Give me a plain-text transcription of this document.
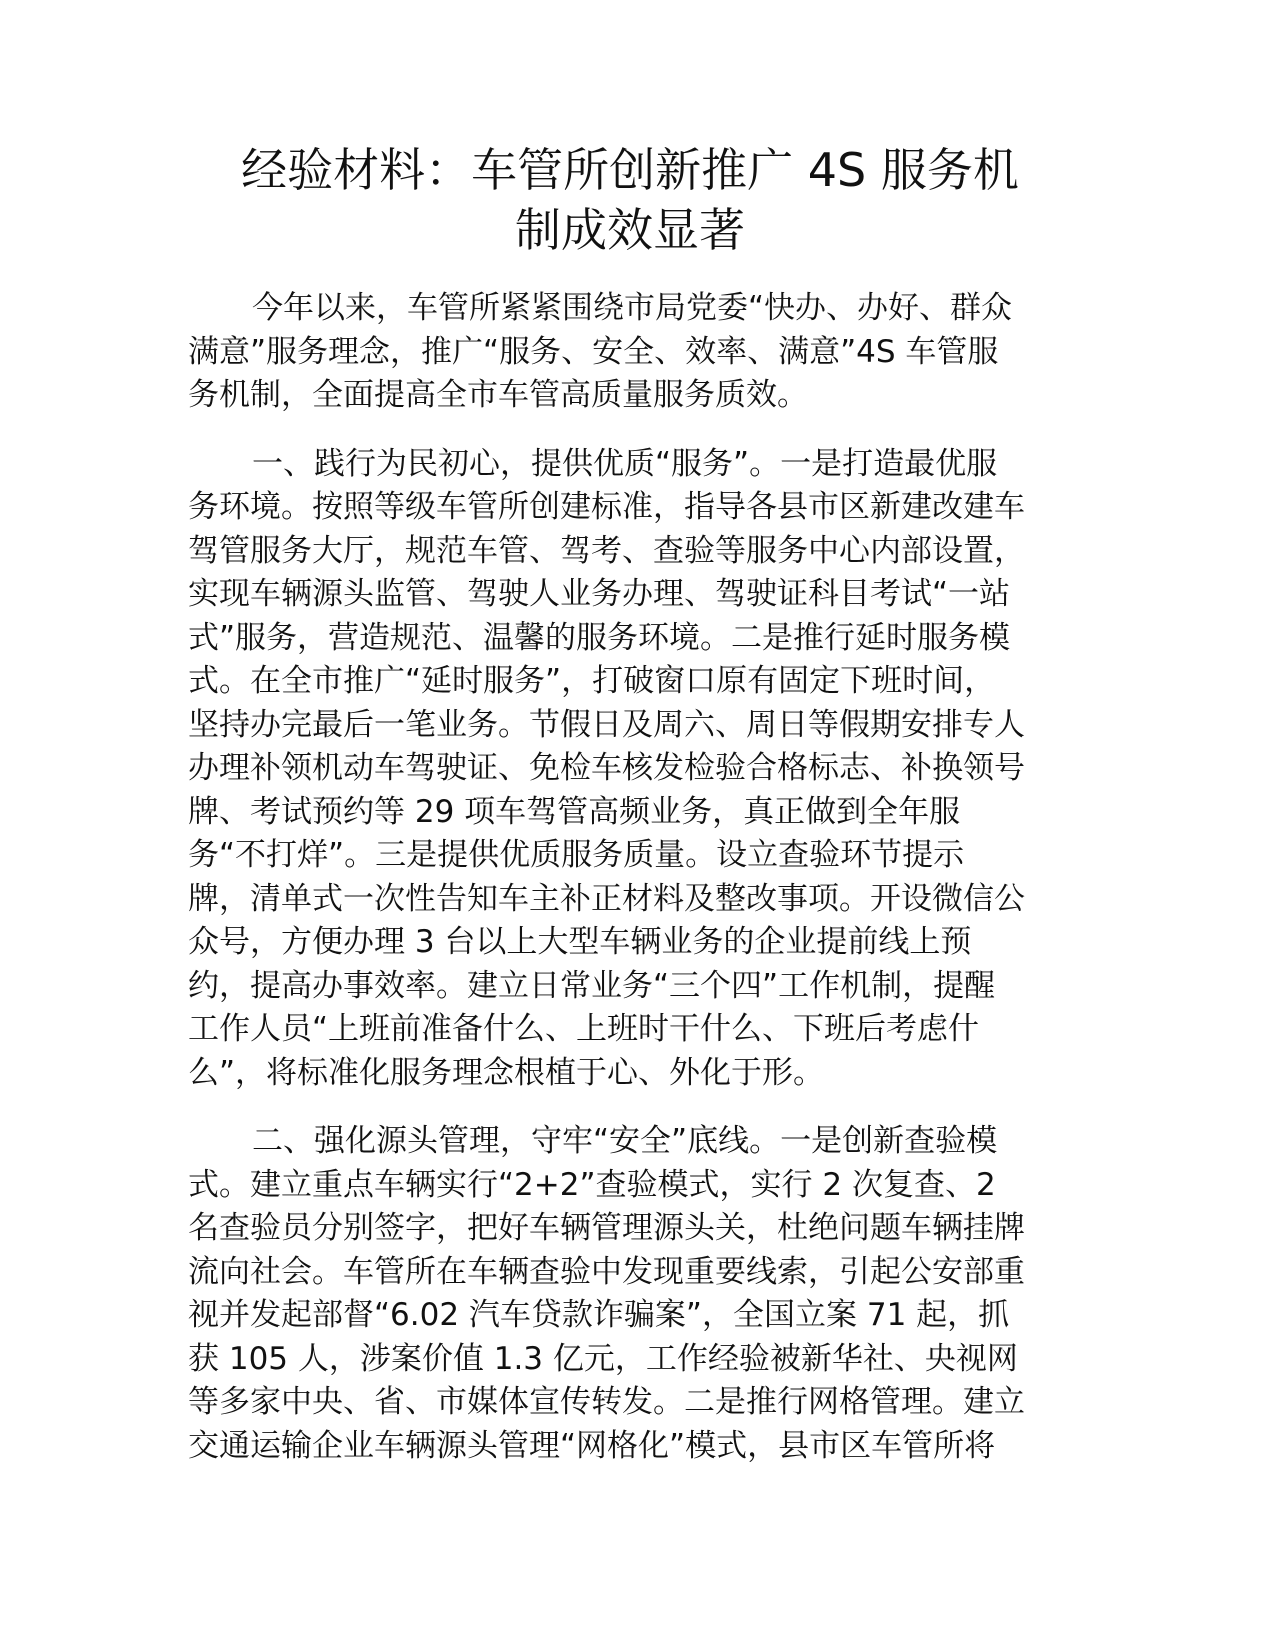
经验材料：车管所创新推广 4S 服务机
制成效显著

今年以来，车管所紧紧围绕市局党委“快办、办好、群众
满意”服务理念，推广“服务、安全、效率、满意”4S 车管服
务机制，全面提高全市车管高质量服务质效。

一、践行为民初心，提供优质“服务”。一是打造最优服
务环境。按照等级车管所创建标准，指导各县市区新建改建车
驾管服务大厅，规范车管、驾考、查验等服务中心内部设置，
实现车辆源头监管、驾驶人业务办理、驾驶证科目考试“一站
式”服务，营造规范、温馨的服务环境。二是推行延时服务模
式。在全市推广“延时服务”，打破窗口原有固定下班时间，
坚持办完最后一笔业务。节假日及周六、周日等假期安排专人
办理补领机动车驾驶证、免检车核发检验合格标志、补换领号
牌、考试预约等 29 项车驾管高频业务，真正做到全年服
务“不打烊”。三是提供优质服务质量。设立查验环节提示
牌，清单式一次性告知车主补正材料及整改事项。开设微信公
众号，方便办理 3 台以上大型车辆业务的企业提前线上预
约，提高办事效率。建立日常业务“三个四”工作机制，提醒
工作人员“上班前准备什么、上班时干什么、下班后考虑什
么”，将标准化服务理念根植于心、外化于形。

二、强化源头管理，守牢“安全”底线。一是创新查验模
式。建立重点车辆实行“2+2”查验模式，实行 2 次复查、2
名查验员分别签字，把好车辆管理源头关，杜绝问题车辆挂牌
流向社会。车管所在车辆查验中发现重要线索，引起公安部重
视并发起部督“6.02 汽车贷款诈骗案”，全国立案 71 起，抓
获 105 人，涉案价值 1.3 亿元，工作经验被新华社、央视网
等多家中央、省、市媒体宣传转发。二是推行网格管理。建立
交通运输企业车辆源头管理“网格化”模式，县市区车管所将
